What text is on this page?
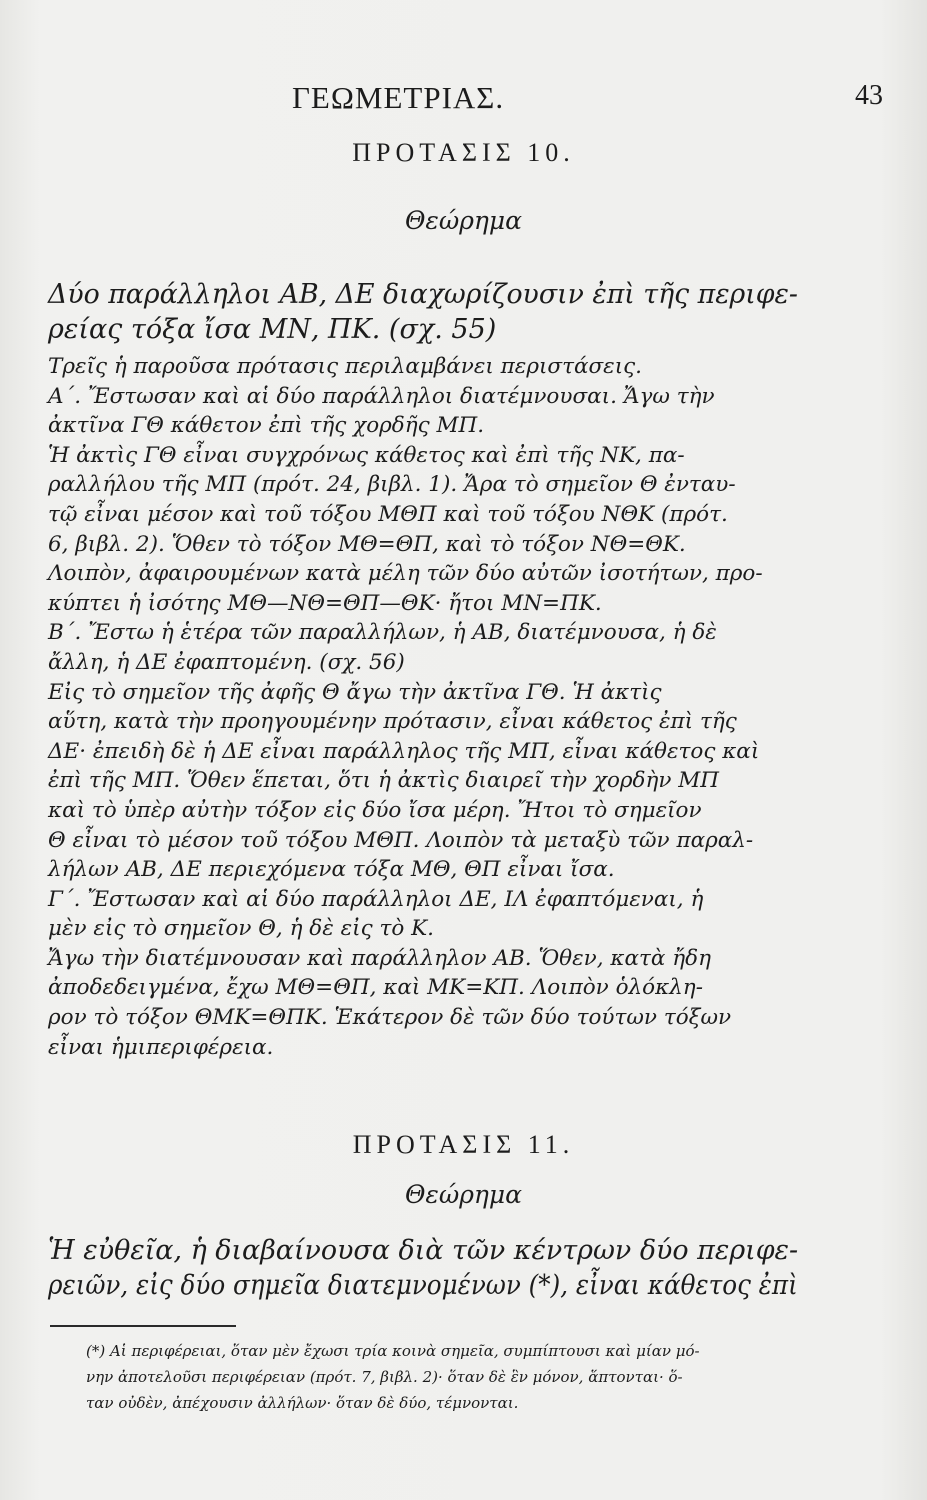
ΓΕΩΜΕΤΡΙΑΣ.	43
ΠΡΟΤΑΣΙΣ 10.
Θεώρημα

Δύο παράλληλοι ΑΒ, ΔΕ διαχωρίζουσιν ἐπὶ τῆς περιφε-
ρείας τόξα ἴσα ΜΝ, ΠΚ. (σχ. 55)

Τρεῖς ἡ παροῦσα πρότασις περιλαμβάνει περιστάσεις.
Α΄. Ἔστωσαν καὶ αἱ δύο παράλληλοι διατέμνουσαι. Ἄγω τὴν
ἀκτῖνα ΓΘ κάθετον ἐπὶ τῆς χορδῆς ΜΠ.
Ἡ ἀκτὶς ΓΘ εἶναι συγχρόνως κάθετος καὶ ἐπὶ τῆς ΝΚ, πα-
ραλλήλου τῆς ΜΠ (πρότ. 24, βιβλ. 1). Ἄρα τὸ σημεῖον Θ ἐνταυ-
τῷ εἶναι μέσον καὶ τοῦ τόξου ΜΘΠ καὶ τοῦ τόξου ΝΘΚ (πρότ.
6, βιβλ. 2). Ὅθεν τὸ τόξον ΜΘ=ΘΠ, καὶ τὸ τόξον ΝΘ=ΘΚ.
Λοιπὸν, ἀφαιρουμένων κατὰ μέλη τῶν δύο αὐτῶν ἰσοτήτων, προ-
κύπτει ἡ ἰσότης ΜΘ—ΝΘ=ΘΠ—ΘΚ· ἤτοι ΜΝ=ΠΚ.
Β΄. Ἔστω ἡ ἑτέρα τῶν παραλλήλων, ἡ ΑΒ, διατέμνουσα, ἡ δὲ
ἄλλη, ἡ ΔΕ ἐφαπτομένη. (σχ. 56)
Εἰς τὸ σημεῖον τῆς ἀφῆς Θ ἄγω τὴν ἀκτῖνα ΓΘ. Ἡ ἀκτὶς
αὕτη, κατὰ τὴν προηγουμένην πρότασιν, εἶναι κάθετος ἐπὶ τῆς
ΔΕ· ἐπειδὴ δὲ ἡ ΔΕ εἶναι παράλληλος τῆς ΜΠ, εἶναι κάθετος καὶ
ἐπὶ τῆς ΜΠ. Ὅθεν ἕπεται, ὅτι ἡ ἀκτὶς διαιρεῖ τὴν χορδὴν ΜΠ
καὶ τὸ ὑπὲρ αὐτὴν τόξον εἰς δύο ἴσα μέρη. Ἤτοι τὸ σημεῖον
Θ εἶναι τὸ μέσον τοῦ τόξου ΜΘΠ. Λοιπὸν τὰ μεταξὺ τῶν παραλ-
λήλων ΑΒ, ΔΕ περιεχόμενα τόξα ΜΘ, ΘΠ εἶναι ἴσα.
Γ΄. Ἔστωσαν καὶ αἱ δύο παράλληλοι ΔΕ, ΙΛ ἐφαπτόμεναι, ἡ
μὲν εἰς τὸ σημεῖον Θ, ἡ δὲ εἰς τὸ Κ.
Ἄγω τὴν διατέμνουσαν καὶ παράλληλον ΑΒ. Ὅθεν, κατὰ ἤδη
ἀποδεδειγμένα, ἔχω ΜΘ=ΘΠ, καὶ ΜΚ=ΚΠ. Λοιπὸν ὁλόκλη-
ρον τὸ τόξον ΘΜΚ=ΘΠΚ. Ἑκάτερον δὲ τῶν δύο τούτων τόξων
εἶναι ἡμιπεριφέρεια.

ΠΡΟΤΑΣΙΣ 11.
Θεώρημα

Ἡ εὐθεῖα, ἡ διαβαίνουσα διὰ τῶν κέντρων δύο περιφε-
ρειῶν, εἰς δύο σημεῖα διατεμνομένων (*), εἶναι κάθετος ἐπὶ

(*) Αἱ περιφέρειαι, ὅταν μὲν ἔχωσι τρία κοινὰ σημεῖα, συμπίπτουσι καὶ μίαν μό-
νην ἀποτελοῦσι περιφέρειαν (πρότ. 7, βιβλ. 2)· ὅταν δὲ ἓν μόνον, ἅπτονται· ὅ-
ταν οὐδὲν, ἀπέχουσιν ἀλλήλων· ὅταν δὲ δύο, τέμνονται.
